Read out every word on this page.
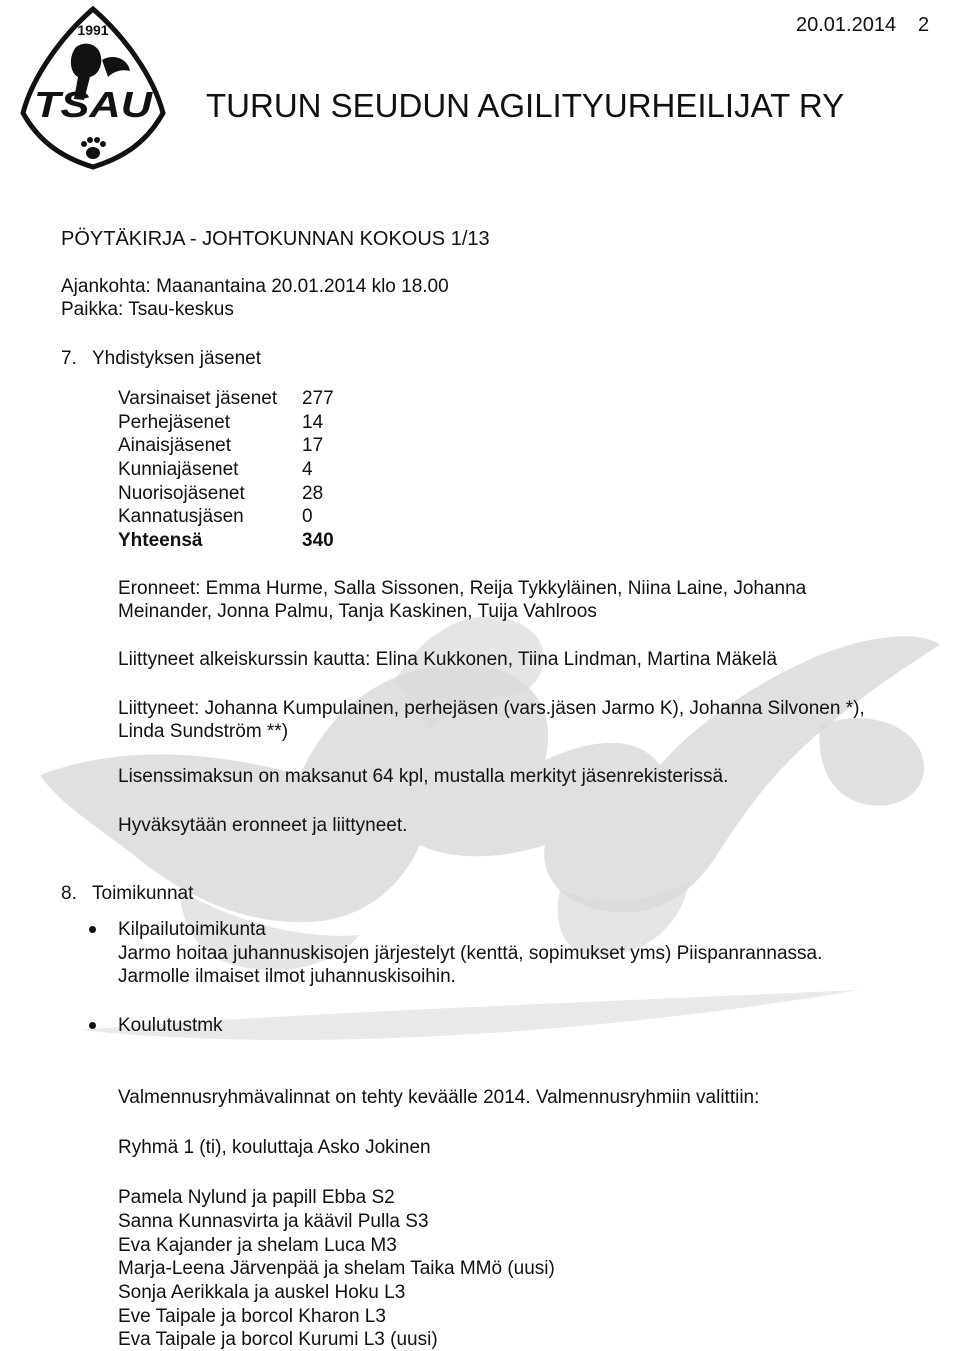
1991
TSAU
20.01.2014 2
TURUN SEUDUN AGILITYURHEILIJAT RY
PÖYTÄKIRJA - JOHTOKUNNAN KOKOUS 1/13
Ajankohta: Maanantaina 20.01.2014 klo 18.00
Paikka: Tsau-keskus
7. Yhdistyksen jäsenet
Varsinaiset jäsenet 277
Perhejäsenet	14
Ainaisjäsenet	17
Kunniajäsenet	4
Nuorisojäsenet	28
Kannatusjäsen	0
Yhteensä	340
Eronneet: Emma Hurme, Salla Sissonen, Reija Tykkyläinen, Niina Laine, Johanna
Meinander, Jonna Palmu, Tanja Kaskinen, Tuija Vahlroos
Liittyneet alkeiskurssin kautta: Elina Kukkonen, Tiina Lindman, Martina Mäkelä
Liittyneet: Johanna Kumpulainen, perhejäsen (vars.jäsen Jarmo K), Johanna Silvonen *),
Linda Sundström **)
Lisenssimaksun on maksanut 64 kpl, mustalla merkityt jäsenrekisterissä.
Hyväksytään eronneet ja liittyneet.
8. Toimikunnat
Kilpailutoimikunta
Jarmo hoitaa juhannuskisojen järjestelyt (kenttä, sopimukset yms) Piispanrannassa.
Jarmolle ilmaiset ilmot juhannuskisoihin.
Koulutustmk
Valmennusryhmävalinnat on tehty keväälle 2014. Valmennusryhmiin valittiin:
Ryhmä 1 (ti), kouluttaja Asko Jokinen
Pamela Nylund ja papill Ebba S2
Sanna Kunnasvirta ja käävil Pulla S3
Eva Kajander ja shelam Luca M3
Marja-Leena Järvenpää ja shelam Taika MMö (uusi)
Sonja Aerikkala ja auskel Hoku L3
Eve Taipale ja borcol Kharon L3
Eva Taipale ja borcol Kurumi L3 (uusi)
